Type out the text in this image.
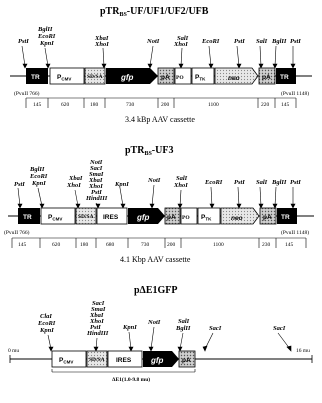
pTR$_{BS}$-UF/UF1/UF2/UFB
PstI
BglII
EcoRI
KpnI
XbaI
XhoI	NotI	SalI
XhoI EcoRI PstI SalI BglII PstI
TR	$P_{CMV}$	SD/SA gfp	pA PO $P_{TK}$	neo	pA TR
(PvuII 766)	(PvuII 1148)
145	620	180	730	200	1100	220 145
3.4 kBp AAV cassette
pTR$_{BS}$-UF3
PstI
BglII
EcoRI
KpnI
XbaI
XhoI
NotI
SacI
SmaI
XbaI
XhoI
PstI
HindIII
KpnI
NotI SalI
XhoI	EcoRI PstI SalI BglII PstI
TR	$P_{CMV}$	SD/SA IRES gfp	pA PO $P_{TK}$	neo	pA TR
(PvuII 766)	(PvuII 1148)
145	620	180	680	730	200	1100	230	145
4.1 Kbp AAV cassette
pΔE1GFP
ClaI
EcoRI
KpnI
SacI
SmaI
XbaI
XhoI
PstI
HindIII
KpnI
NotI	SalI
BglII	SacI	SacI
0 mu	16 mu
$P_{CMV}$	SD/SA IRES gfp	pA
ΔE1(1.0-9.8 mu)
